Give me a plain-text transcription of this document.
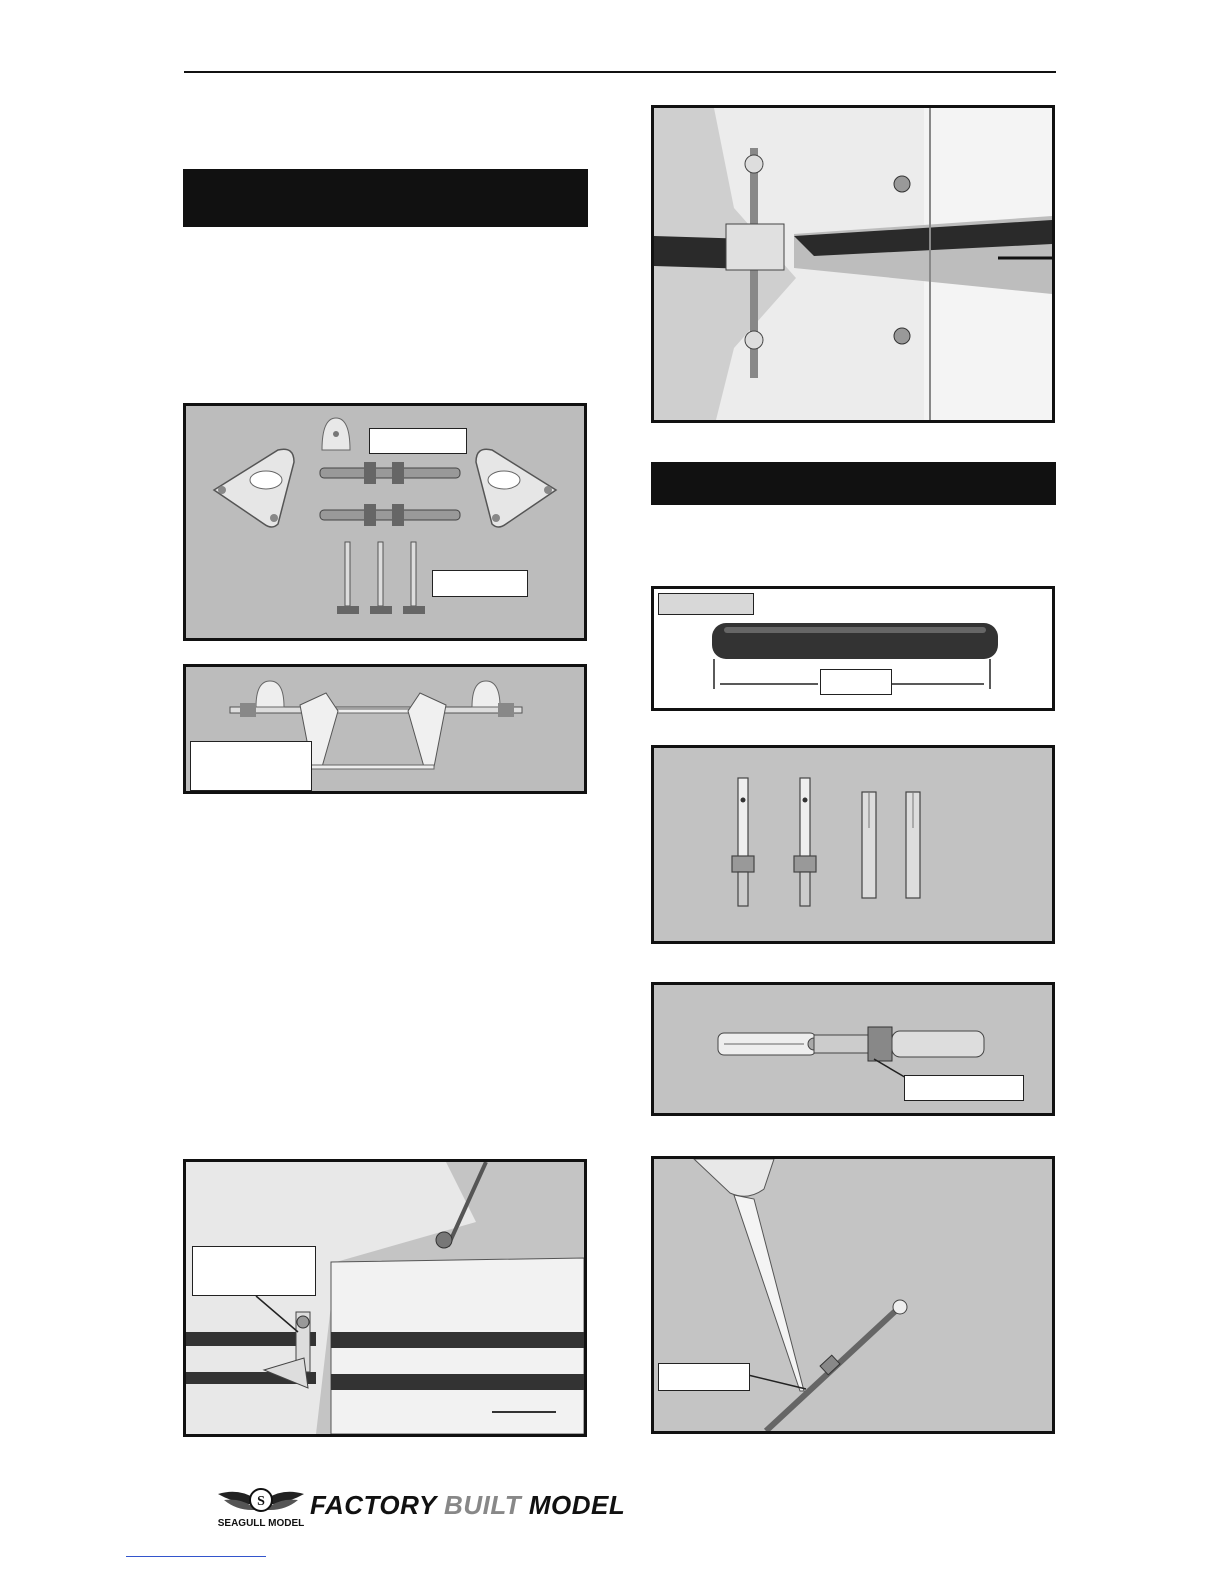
S
SEAGULL MODEL
FACTORY BUILT MODEL
